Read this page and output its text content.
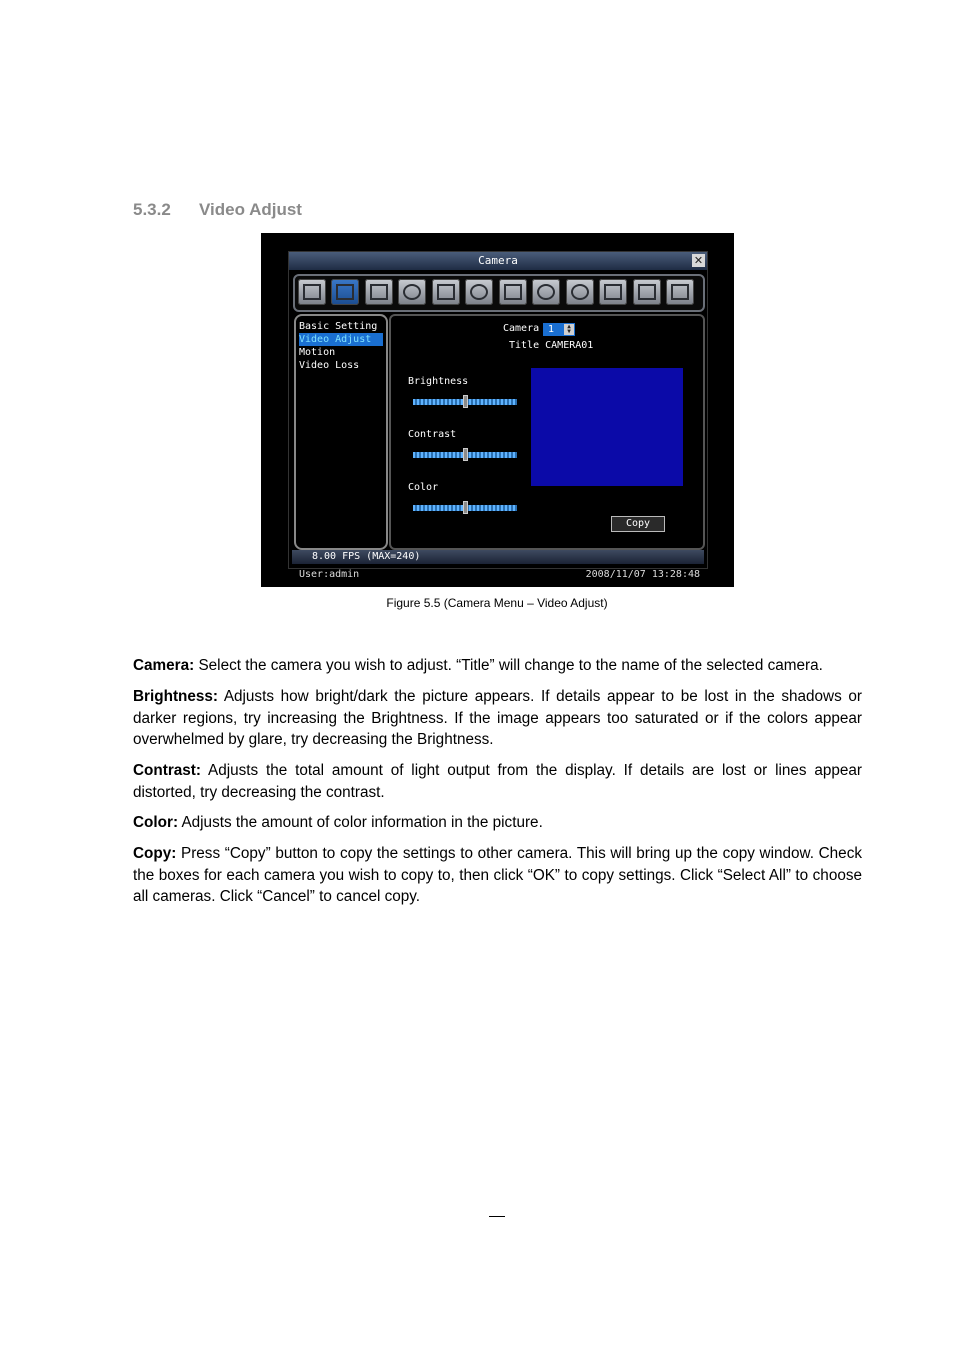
5.3.2 Video Adjust
Camera	✕
Basic Setting
Video Adjust
Motion
Video Loss
Camera 1	▲
▼
Title CAMERA01
Brightness
Contrast
Color
Copy
8.00 FPS (MAX=240)
User:admin	2008/11/07 13:28:48
Figure 5.5 (Camera Menu – Video Adjust)
Camera: Select the camera you wish to adjust. “Title” will change to the name of the selected camera.
Brightness: Adjusts how bright/dark the picture appears. If details appear to be lost in the shadows or darker regions, try increasing the Brightness. If the image appears too saturated or if the colors appear overwhelmed by glare, try decreasing the Brightness.
Contrast: Adjusts the total amount of light output from the display. If details are lost or lines appear distorted, try decreasing the contrast.
Color: Adjusts the amount of color information in the picture.
Copy: Press “Copy” button to copy the settings to other camera. This will bring up the copy window. Check the boxes for each camera you wish to copy to, then click “OK” to copy settings. Click “Select All” to choose all cameras. Click “Cancel” to cancel copy.
